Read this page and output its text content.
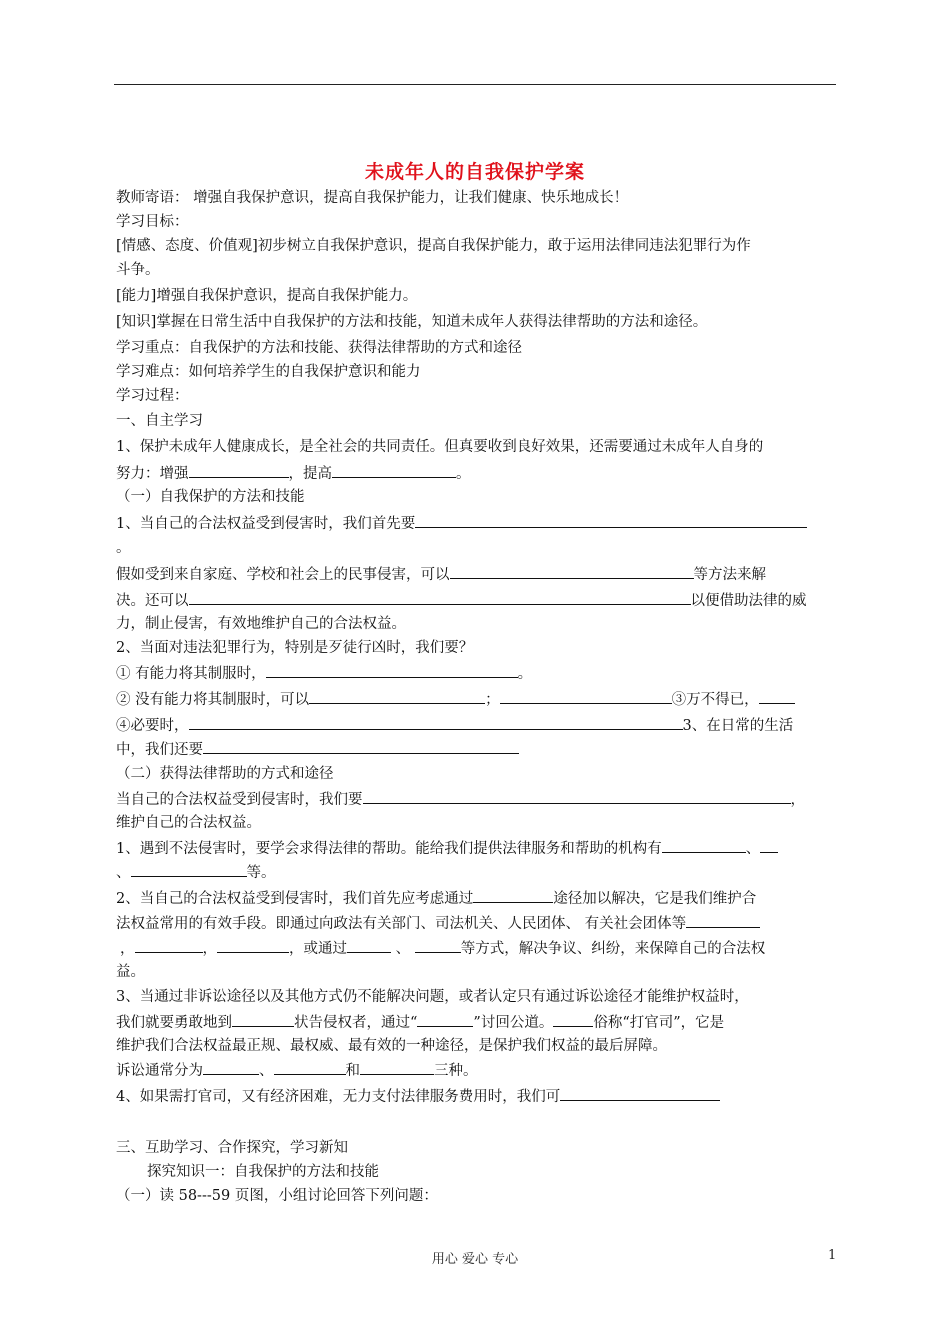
未成年人的自我保护学案
教师寄语： 增强自我保护意识，提高自我保护能力，让我们健康、快乐地成长！
学习目标：
[情感、态度、价值观]初步树立自我保护意识，提高自我保护能力，敢于运用法律同违法犯罪行为作
斗争。
[能力]增强自我保护意识，提高自我保护能力。
[知识]掌握在日常生活中自我保护的方法和技能，知道未成年人获得法律帮助的方法和途径。
学习重点：自我保护的方法和技能、获得法律帮助的方式和途径
学习难点：如何培养学生的自我保护意识和能力
学习过程：
一、自主学习
1、保护未成年人健康成长，是全社会的共同责任。但真要收到良好效果，还需要通过未成年人自身的
努力：增强	，提高	。
（一）自我保护的方法和技能
1、当自己的合法权益受到侵害时，我们首先要
。
假如受到来自家庭、学校和社会上的民事侵害，可以	等方法来解
决。还可以	以便借助法律的威
力，制止侵害，有效地维护自己的合法权益。
2、当面对违法犯罪行为，特别是歹徒行凶时，我们要？
① 有能力将其制服时，	。
② 没有能力将其制服时，可以	；	③万不得已，
④必要时，	3、在日常的生活
中，我们还要
（二）获得法律帮助的方式和途径
当自己的合法权益受到侵害时，我们要	，
维护自己的合法权益。
1、遇到不法侵害时，要学会求得法律的帮助。能给我们提供法律服务和帮助的机构有	、
、	等。
2、当自己的合法权益受到侵害时，我们首先应考虑通过	途径加以解决，它是我们维护合
法权益常用的有效手段。即通过向政法有关部门、司法机关、人民团体、 有关社会团体等
，	，	，或通过	、	等方式，解决争议、纠纷，来保障自己的合法权
益。
3、当通过非诉讼途径以及其他方式仍不能解决问题，或者认定只有通过诉讼途径才能维护权益时，
我们就要勇敢地到	状告侵权者，通过“	”讨回公道。	俗称“打官司”，它是
维护我们合法权益最正规、最权威、最有效的一种途径，是保护我们权益的最后屏障。
诉讼通常分为	、	和	三种。
4、如果需打官司，又有经济困难，无力支付法律服务费用时，我们可
三、互助学习、合作探究，学习新知
探究知识一：自我保护的方法和技能
（一）读 58---59 页图，小组讨论回答下列问题：
用心 爱心 专心	1
